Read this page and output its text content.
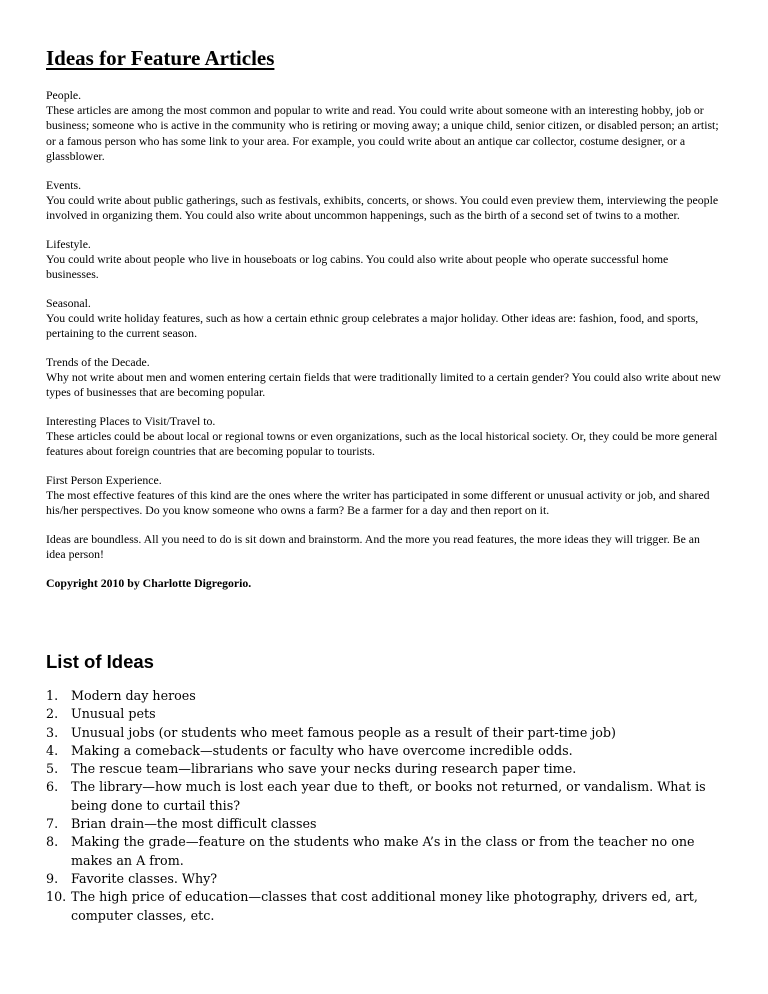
Ideas for Feature Articles
People.
These articles are among the most common and popular to write and read. You could write about someone with an interesting hobby, job or business; someone who is active in the community who is retiring or moving away; a unique child, senior citizen, or disabled person; an artist; or a famous person who has some link to your area. For example, you could write about an antique car collector, costume designer, or a glassblower.
Events.
You could write about public gatherings, such as festivals, exhibits, concerts, or shows. You could even preview them, interviewing the people involved in organizing them. You could also write about uncommon happenings, such as the birth of a second set of twins to a mother.
Lifestyle.
You could write about people who live in houseboats or log cabins. You could also write about people who operate successful home businesses.
Seasonal.
You could write holiday features, such as how a certain ethnic group celebrates a major holiday. Other ideas are: fashion, food, and sports, pertaining to the current season.
Trends of the Decade.
Why not write about men and women entering certain fields that were traditionally limited to a certain gender? You could also write about new types of businesses that are becoming popular.
Interesting Places to Visit/Travel to.
These articles could be about local or regional towns or even organizations, such as the local historical society. Or, they could be more general features about foreign countries that are becoming popular to tourists.
First Person Experience.
The most effective features of this kind are the ones where the writer has participated in some different or unusual activity or job, and shared his/her perspectives. Do you know someone who owns a farm? Be a farmer for a day and then report on it.

Ideas are boundless. All you need to do is sit down and brainstorm. And the more you read features, the more ideas they will trigger. Be an idea person!

Copyright 2010 by Charlotte Digregorio.

List of Ideas
1.	Modern day heroes
2.	Unusual pets
3.	Unusual jobs (or students who meet famous people as a result of their part-time job)
4.	Making a comeback—students or faculty who have overcome incredible odds.
5.	The rescue team—librarians who save your necks during research paper time.
6.	The library—how much is lost each year due to theft, or books not returned, or vandalism. What is being done to curtail this?
7.	Brian drain—the most difficult classes
8.	Making the grade—feature on the students who make A’s in the class or from the teacher no one makes an A from.
9.	Favorite classes. Why?
10. The high price of education—classes that cost additional money like photography, drivers ed, art, computer classes, etc.
